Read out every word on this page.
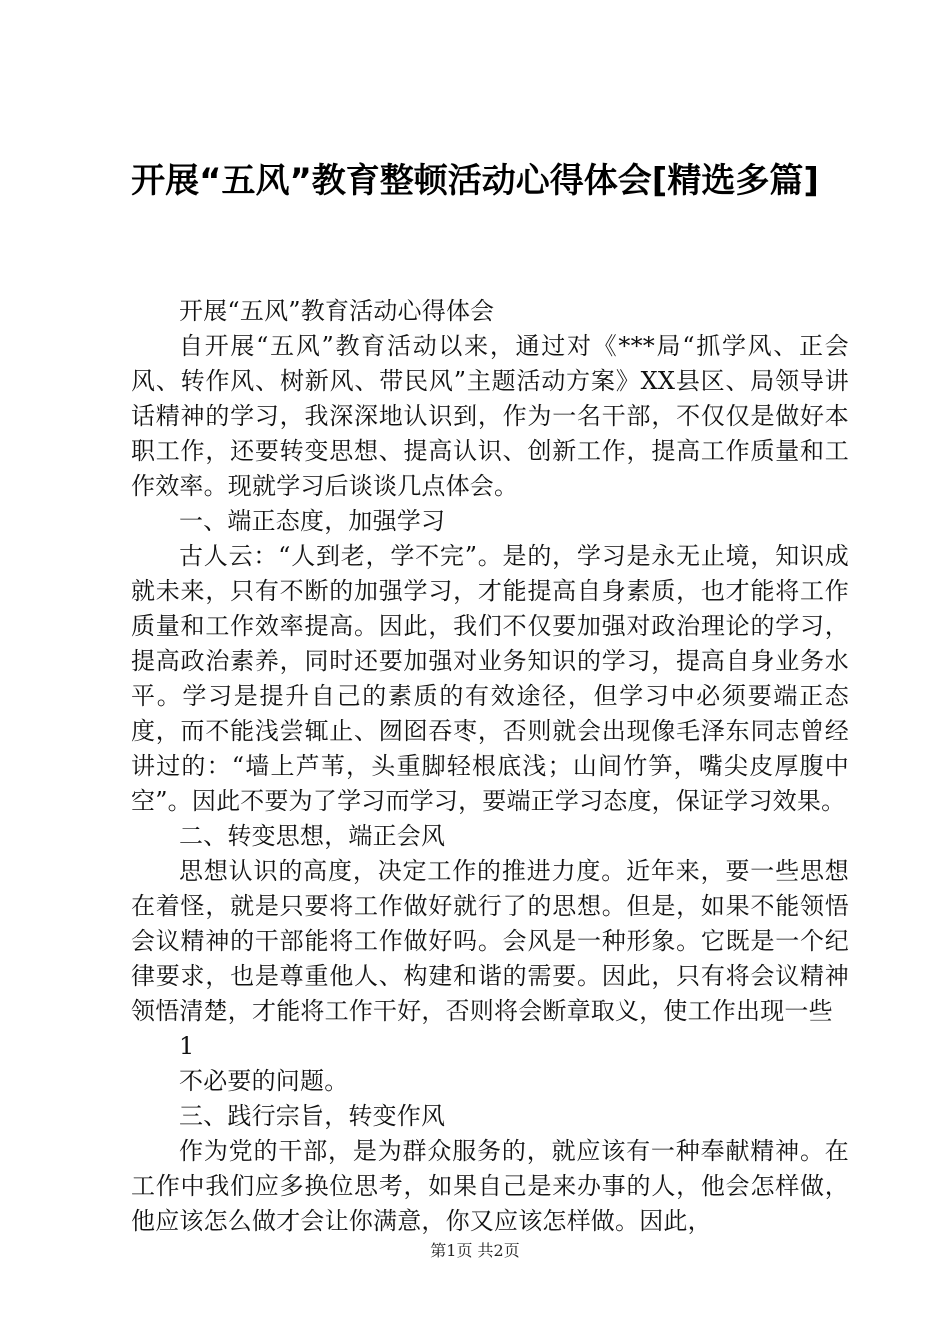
开展“五风”教育整顿活动心得体会[精选多篇]

开展“五风”教育活动心得体会

自开展“五风”教育活动以来，通过对《***局“抓学风、正会风、转作风、树新风、带民风”主题活动方案》XX县区、局领导讲话精神的学习，我深深地认识到，作为一名干部，不仅仅是做好本职工作，还要转变思想、提高认识、创新工作，提高工作质量和工作效率。现就学习后谈谈几点体会。

一、端正态度，加强学习

古人云：“人到老，学不完”。是的，学习是永无止境，知识成就未来，只有不断的加强学习，才能提高自身素质，也才能将工作质量和工作效率提高。因此，我们不仅要加强对政治理论的学习，提高政治素养，同时还要加强对业务知识的学习，提高自身业务水平。学习是提升自己的素质的有效途径，但学习中必须要端正态度，而不能浅尝辄止、囫囵吞枣，否则就会出现像毛泽东同志曾经讲过的：“墙上芦苇，头重脚轻根底浅；山间竹笋，嘴尖皮厚腹中空”。因此不要为了学习而学习，要端正学习态度，保证学习效果。

二、转变思想，端正会风

思想认识的高度，决定工作的推进力度。近年来，要一些思想在着怪，就是只要将工作做好就行了的思想。但是，如果不能领悟会议精神的干部能将工作做好吗。会风是一种形象。它既是一个纪律要求，也是尊重他人、构建和谐的需要。因此，只有将会议精神领悟清楚，才能将工作干好，否则将会断章取义，使工作出现一些

1

不必要的问题。

三、践行宗旨，转变作风

作为党的干部，是为群众服务的，就应该有一种奉献精神。在工作中我们应多换位思考，如果自己是来办事的人，他会怎样做，他应该怎么做才会让你满意，你又应该怎样做。因此，

第1页 共2页
